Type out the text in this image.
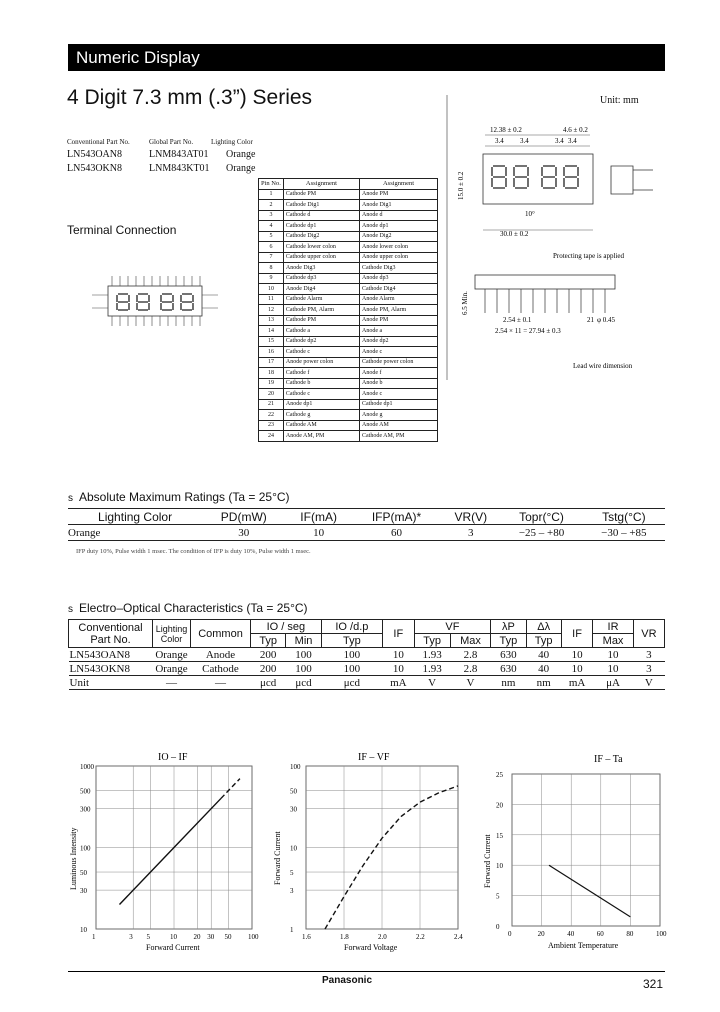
Numeric Display
4 Digit 7.3 mm (.3”) Series	Unit: mm
Conventional Part No.	Global Part No.	Lighting Color
LN543OAN8	LNM843AT01	Orange
LN543OKN8	LNM843KT01	Orange
Terminal Connection
Pin No.	Assignment	Assignment
1	Cathode PM	Anode PM
2	Cathode Dig1	Anode Dig1
3	Cathode d	Anode d
4	Cathode dp1	Anode dp1
5	Cathode Dig2	Anode Dig2
6	Cathode lower colon	Anode lower colon
7	Cathode upper colon	Anode upper colon
8	Anode Dig3	Cathode Dig3
9	Cathode dp3	Anode dp3
10	Anode Dig4	Cathode Dig4
11	Cathode Alarm	Anode Alarm
12	Cathode PM, Alarm	Anode PM, Alarm
13	Cathode PM	Anode PM
14	Cathode a	Anode a
15	Cathode dp2	Anode dp2
16	Cathode c	Anode c
17	Anode power colon	Cathode power colon
18	Cathode f	Anode f
19	Cathode b	Anode b
20	Cathode c	Anode c
21	Anode dp1	Cathode dp1
22	Cathode g	Anode g
23	Cathode AM	Anode AM
24	Anode AM, PM	Cathode AM, PM
12.38 ± 0.2	4.6 ± 0.2
3.4 3.4	3.4 3.4
15.0 ± 0.2
10°
30.0 ± 0.2
Protecting tape is applied
6.5 Min.
2.54 ± 0.1
2.54 × 11 = 27.94 ± 0.3
21 φ 0.45
Lead wire dimension
s Absolute Maximum Ratings (Ta = 25°C)
Lighting Color	PD(mW)	IF(mA)	IFP(mA)*	VR(V)	Topr(°C)	Tstg(°C)
Orange	30	10	60	3	−25 – +80	−30 – +85
IFP duty 10%, Pulse width 1 msec. The condition of IFP is duty 10%, Pulse width 1 msec.
s Electro–Optical Characteristics (Ta = 25°C)
Conventional Part No.	Lighting Color	Common	IO / seg		IO /d.p	IF	VF		λP	Δλ	IF	IR	VR
			Typ	Min	Typ		Typ	Max	Typ	Typ		Max	
LN543OAN8	Orange	Anode	200	100	100	10	1.93	2.8	630	40	10	10	3
LN543OKN8	Orange	Cathode	200	100	100	10	1.93	2.8	630	40	10	10	3
Unit	—	—	μcd	μcd	μcd	mA	V	V	nm	nm	mA	μA	V
IO – IF
1	3 5	10 20 30 50 100
10
30
50
100
300
500
1000
Forward Current
Luminous Intensity
IF – VF
1.6	1.8	2.0	2.2	2.4
1
3
5
10
30
50
100
Forward Voltage
Forward Current
IF – Ta
0	20	40	60	80	100
0
5
10
15
20
25
Ambient Temperature
Forward Current
Panasonic	321
